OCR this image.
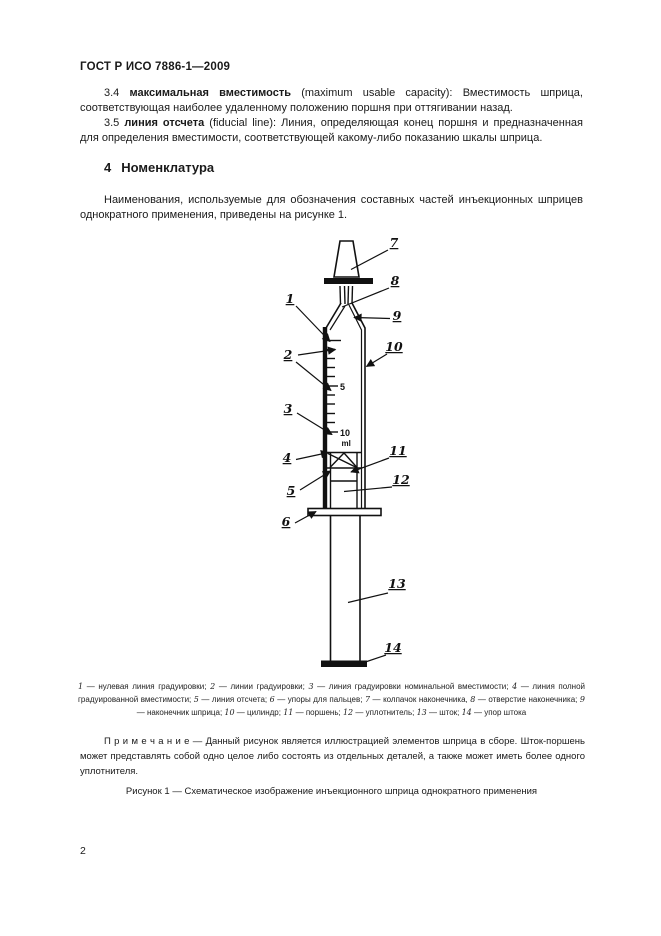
ГОСТ Р ИСО 7886-1—2009

3.4 максимальная вместимость (maximum usable capacity): Вместимость шприца, соответствующая наиболее удаленному положению поршня при оттягивании назад.

3.5 линия отсчета (fiducial line): Линия, определяющая конец поршня и предназначенная для определения вместимости, соответствующей какому-либо показанию шкалы шприца.

4 Номенклатура

Наименования, используемые для обозначения составных частей инъекционных шприцев однократного применения, приведены на рисунке 1.

1
2
3
4
5
6
7
8
9
10
11
12
13
14
5
10
ml
1 — нулевая линия градуировки; 2 — линии градуировки; 3 — линия градуировки номинальной вместимости; 4 — линия полной градуированной вместимости; 5 — линия отсчета; 6 — упоры для пальцев; 7 — колпачок наконечника, 8 — отверстие наконечника; 9 — наконечник шприца; 10 — цилиндр; 11 — поршень; 12 — уплотнитель; 13 — шток; 14 — упор штока

П р и м е ч а н и е — Данный рисунок является иллюстрацией элементов шприца в сборе. Шток-поршень может представлять собой одно целое либо состоять из отдельных деталей, а также может иметь более одного уплотнителя.

Рисунок 1 — Схематическое изображение инъекционного шприца однократного применения

2
